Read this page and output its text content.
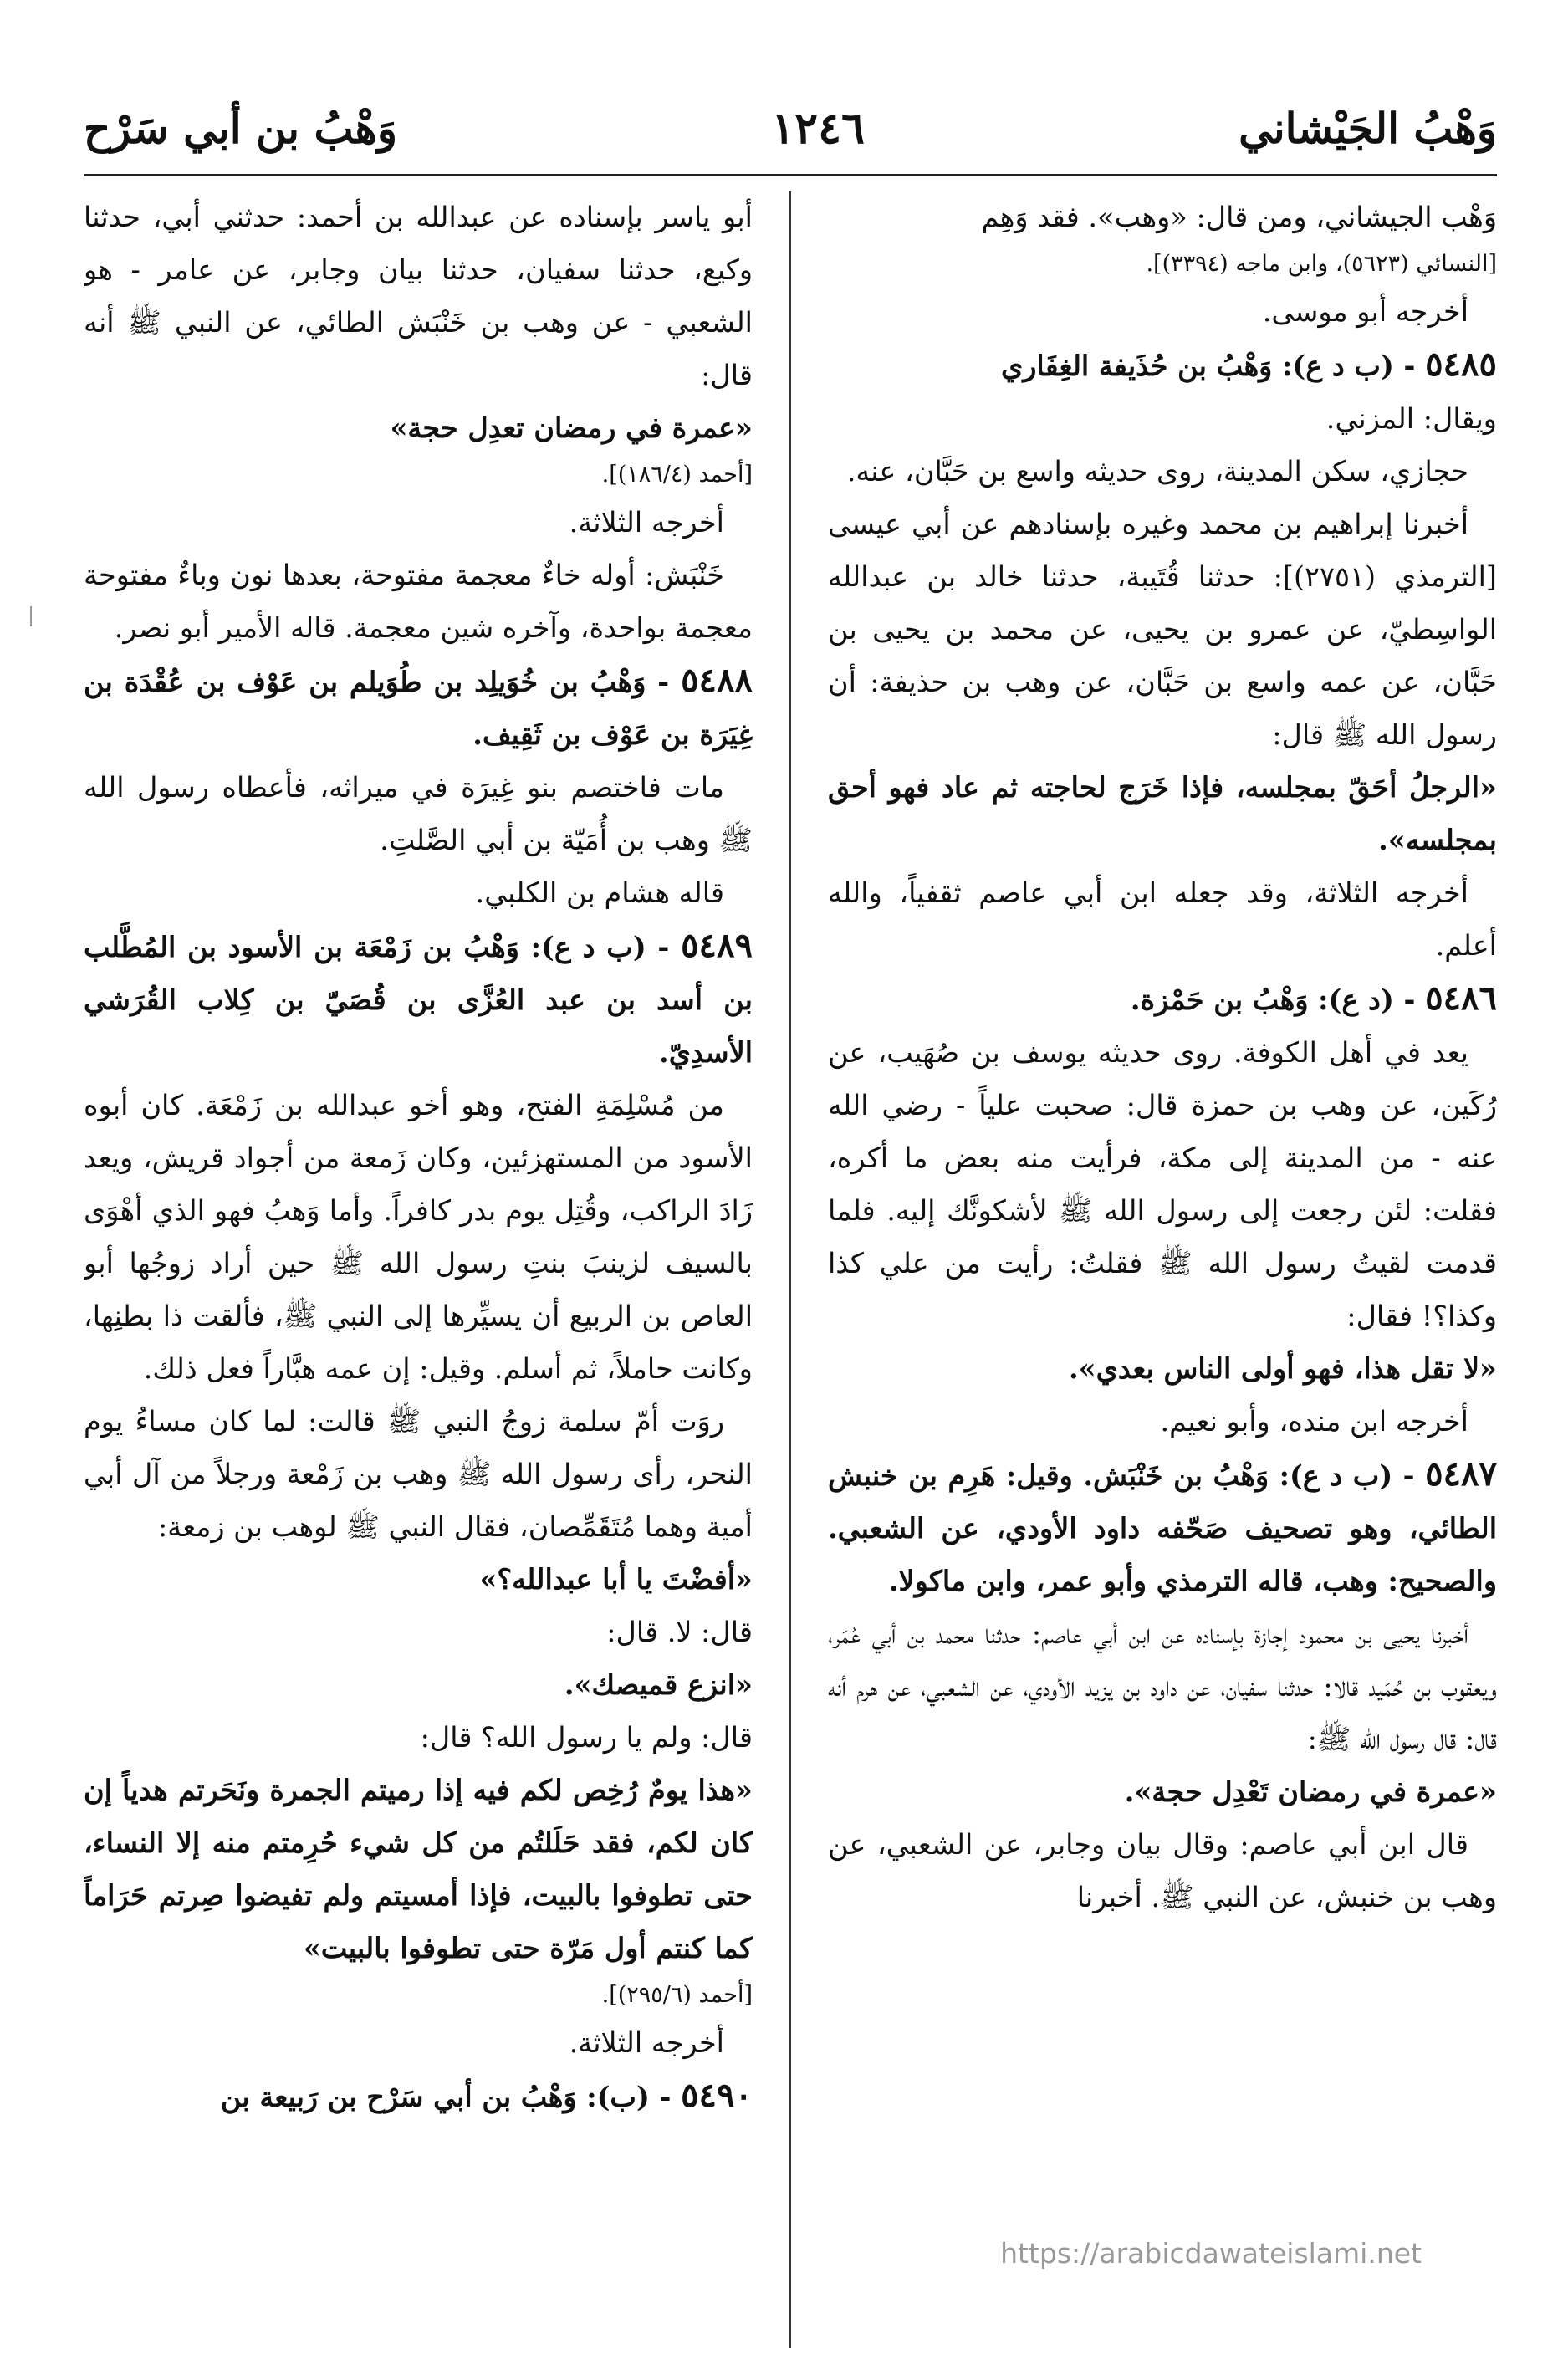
وَهْبُ الجَيْشاني
١٢٤٦
وَهْبُ بن أبي سَرْح

وَهْب الجيشاني، ومن قال: «وهب». فقد وَهِم

[النسائي (٥٦٢٣)، وابن ماجه (٣٣٩٤)].

أخرجه أبو موسى.

٥٤٨٥ - (ب د ع): وَهْبُ بن حُذَيفة الغِفَاري

ويقال: المزني.

حجازي، سكن المدينة، روى حديثه واسع بن حَبَّان، عنه.

أخبرنا إبراهيم بن محمد وغيره بإسنادهم عن أبي عيسى [الترمذي (٢٧٥١)]: حدثنا قُتَيبة، حدثنا خالد بن عبدالله الواسِطيّ، عن عمرو بن يحيى، عن محمد بن يحيى بن حَبَّان، عن عمه واسع بن حَبَّان، عن وهب بن حذيفة: أن رسول الله ﷺ قال:

«الرجلُ أحَقّ بمجلسه، فإذا خَرَج لحاجته ثم عاد فهو أحق بمجلسه».

أخرجه الثلاثة، وقد جعله ابن أبي عاصم ثقفياً، والله أعلم.

٥٤٨٦ - (د ع): وَهْبُ بن حَمْزة.

يعد في أهل الكوفة. روى حديثه يوسف بن صُهَيب، عن رُكَين، عن وهب بن حمزة قال: صحبت علياً - رضي الله عنه - من المدينة إلى مكة، فرأيت منه بعض ما أكره، فقلت: لئن رجعت إلى رسول الله ﷺ لأشكونَّك إليه. فلما قدمت لقيتُ رسول الله ﷺ فقلتُ: رأيت من علي كذا وكذا؟! فقال:

«لا تقل هذا، فهو أولى الناس بعدي».

أخرجه ابن منده، وأبو نعيم.

٥٤٨٧ - (ب د ع): وَهْبُ بن خَنْبَش. وقيل: هَرِم بن خنبش الطائي، وهو تصحيف صَحّفه داود الأودي، عن الشعبي. والصحيح: وهب، قاله الترمذي وأبو عمر، وابن ماكولا.

أخبرنا يحيى بن محمود إجازة بإسناده عن ابن أبي عاصم: حدثنا محمد بن أبي عُمَر، ويعقوب بن حُمَيد قالا: حدثنا سفيان، عن داود بن يزيد الأودي، عن الشعبي، عن هرم أنه قال: قال رسول الله ﷺ:

«عمرة في رمضان تَعْدِل حجة».

قال ابن أبي عاصم: وقال بيان وجابر، عن الشعبي، عن وهب بن خنبش، عن النبي ﷺ. أخبرنا

أبو ياسر بإسناده عن عبدالله بن أحمد: حدثني أبي، حدثنا وكيع، حدثنا سفيان، حدثنا بيان وجابر، عن عامر - هو الشعبي - عن وهب بن خَنْبَش الطائي، عن النبي ﷺ أنه قال:

«عمرة في رمضان تعدِل حجة»

[أحمد (١٨٦/٤)].

أخرجه الثلاثة.

خَنْبَش: أوله خاءٌ معجمة مفتوحة، بعدها نون وباءٌ مفتوحة معجمة بواحدة، وآخره شين معجمة. قاله الأمير أبو نصر.

٥٤٨٨ - وَهْبُ بن خُوَيلِد بن طُوَيلم بن عَوْف بن عُقْدَة بن غِيَرَة بن عَوْف بن ثَقِيف.

مات فاختصم بنو غِيرَة في ميراثه، فأعطاه رسول الله ﷺ وهب بن أُمَيّة بن أبي الصَّلتِ.

قاله هشام بن الكلبي.

٥٤٨٩ - (ب د ع): وَهْبُ بن زَمْعَة بن الأسود بن المُطَّلب بن أسد بن عبد العُزَّى بن قُصَيّ بن كِلاب القُرَشي الأسدِيّ.

من مُسْلِمَةِ الفتح، وهو أخو عبدالله بن زَمْعَة. كان أبوه الأسود من المستهزئين، وكان زَمعة من أجواد قريش، ويعد زَادَ الراكب، وقُتِل يوم بدر كافراً. وأما وَهبُ فهو الذي أهْوَى بالسيف لزينبَ بنتِ رسول الله ﷺ حين أراد زوجُها أبو العاص بن الربيع أن يسيِّرها إلى النبي ﷺ، فألقت ذا بطنِها، وكانت حاملاً، ثم أسلم. وقيل: إن عمه هبَّاراً فعل ذلك.

روَت أمّ سلمة زوجُ النبي ﷺ قالت: لما كان مساءُ يوم النحر، رأى رسول الله ﷺ وهب بن زَمْعة ورجلاً من آل أبي أمية وهما مُتَقَمِّصان، فقال النبي ﷺ لوهب بن زمعة:

«أفضْتَ يا أبا عبدالله؟»

قال: لا. قال:

«انزع قميصك».

قال: ولم يا رسول الله؟ قال:

«هذا يومٌ رُخِص لكم فيه إذا رميتم الجمرة ونَحَرتم هدياً إن كان لكم، فقد حَلَلتُم من كل شيء حُرِمتم منه إلا النساء، حتى تطوفوا بالبيت، فإذا أمسيتم ولم تفيضوا صِرتم حَرَاماً كما كنتم أول مَرّة حتى تطوفوا بالبيت»

[أحمد (٢٩٥/٦)].

أخرجه الثلاثة.

٥٤٩٠ - (ب): وَهْبُ بن أبي سَرْح بن رَبيعة بن

https://arabicdawateislami.net
